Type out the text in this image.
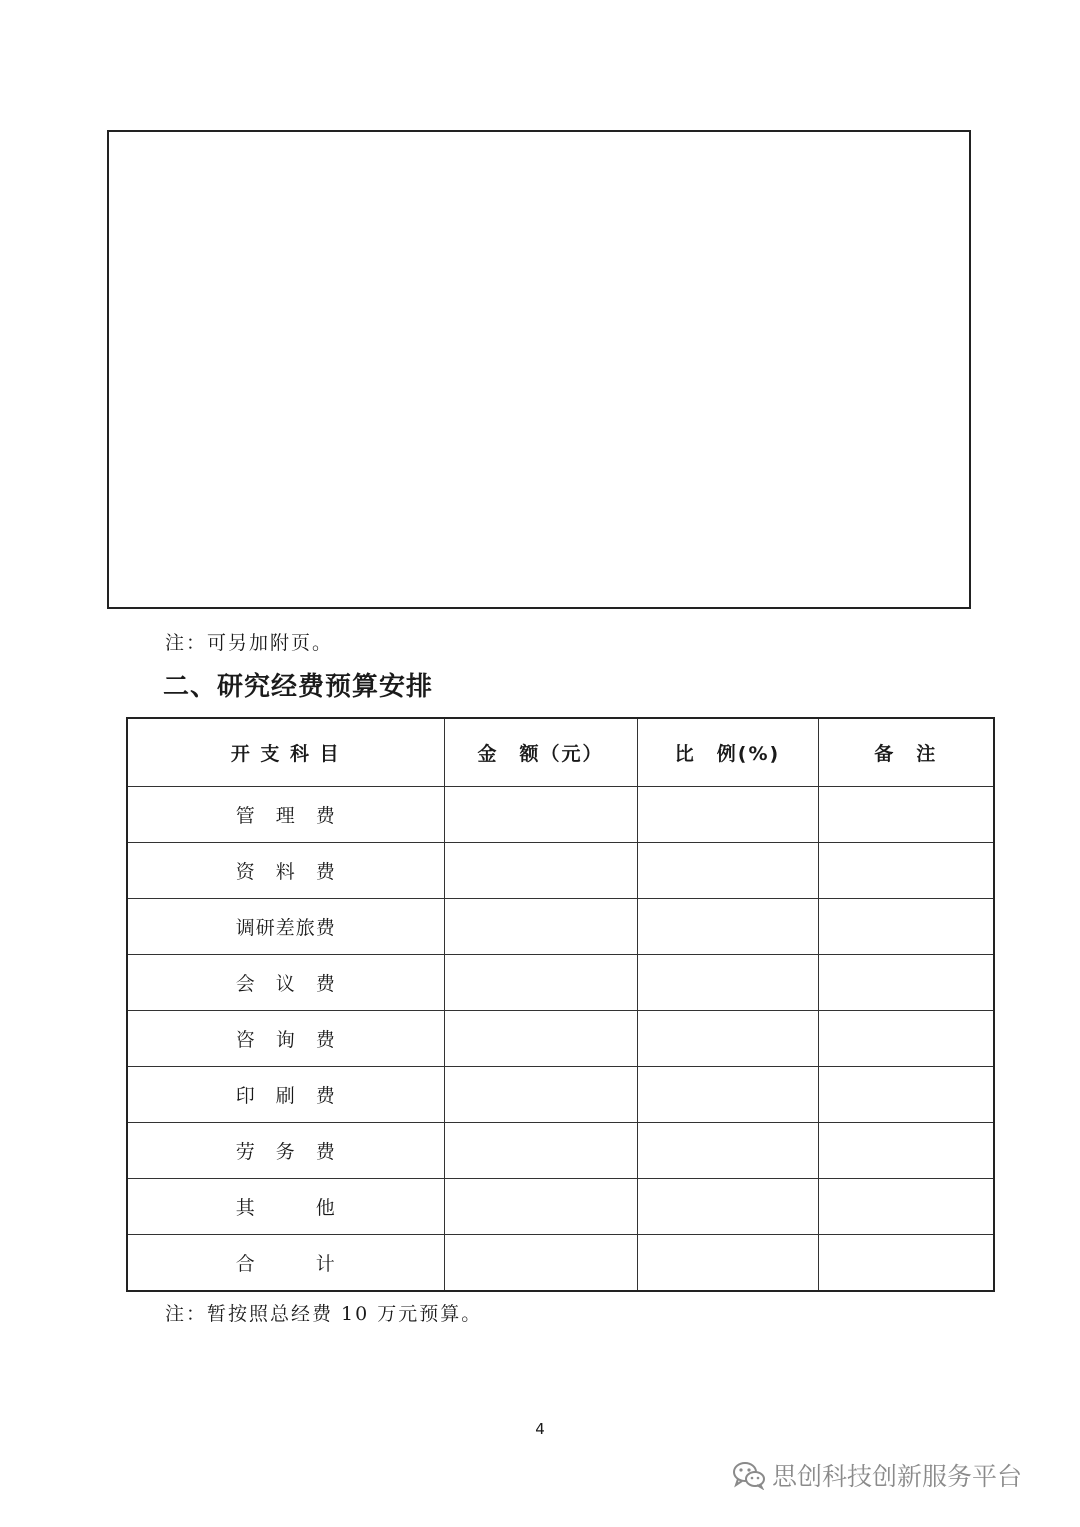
注：可另加附页。
二、研究经费预算安排
开 支 科 目	金　额（元）	比　例(%)	备　注
管　理　费			
资　料　费			
调研差旅费			
会　议　费			
咨　询　费			
印　刷　费			
劳　务　费			
其　　　他			
合　　　计			
注：暂按照总经费 10 万元预算。
4
思创科技创新服务平台
